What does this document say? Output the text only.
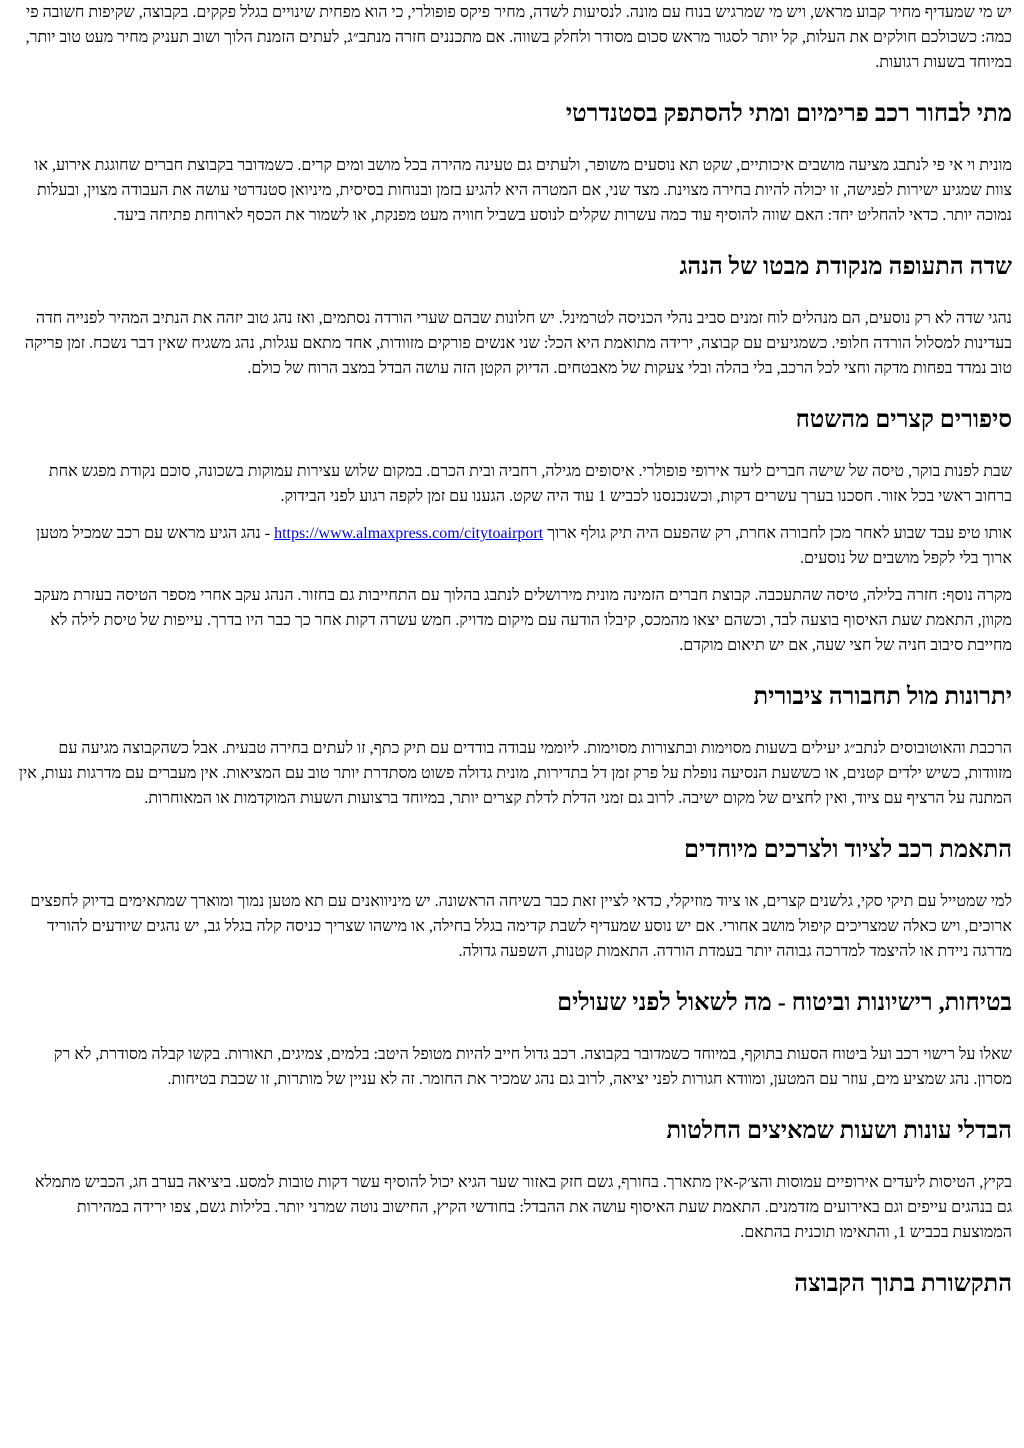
יש מי שמעדיף מחיר קבוע מראש, ויש מי שמרגיש בנוח עם מונה. לנסיעות לשדה, מחיר פיקס פופולרי, כי הוא מפחית שינויים בגלל פקקים. בקבוצה, שקיפות חשובה פי כמה: כשכולכם חולקים את העלות, קל יותר לסגור מראש סכום מסודר ולחלק בשווה. אם מתכננים חזרה מנתב״ג, לעתים הזמנת הלוך ושוב תעניק מחיר מעט טוב יותר, במיוחד בשעות רגועות.

מתי לבחור רכב פרימיום ומתי להסתפק בסטנדרטי

מונית וי אי פי לנתבג מציעה מושבים איכותיים, שקט תא נוסעים משופר, ולעתים גם טעינה מהירה בכל מושב ומים קרים. כשמדובר בקבוצת חברים שחוגגת אירוע, או צוות שמגיע ישירות לפגישה, זו יכולה להיות בחירה מצוינת. מצד שני, אם המטרה היא להגיע בזמן ובנוחות בסיסית, מיניואן סטנדרטי עושה את העבודה מצוין, ובעלות נמוכה יותר. כדאי להחליט יחד: האם שווה להוסיף עוד כמה עשרות שקלים לנוסע בשביל חוויה מעט מפנקת, או לשמור את הכסף לארוחת פתיחה ביעד.

שדה התעופה מנקודת מבטו של הנהג

נהגי שדה לא רק נוסעים, הם מנהלים לוח זמנים סביב נהלי הכניסה לטרמינל. יש חלונות שבהם שערי הורדה נסתמים, ואז נהג טוב יזהה את הנתיב המהיר לפנייה חדה בעדינות למסלול הורדה חלופי. כשמגיעים עם קבוצה, ירידה מתואמת היא הכל: שני אנשים פורקים מזוודות, אחד מתאם עגלות, נהג משגיח שאין דבר נשכח. זמן פריקה טוב נמדד בפחות מדקה וחצי לכל הרכב, בלי בהלה ובלי צעקות של מאבטחים. הדיוק הקטן הזה עושה הבדל במצב הרוח של כולם.

סיפורים קצרים מהשטח

שבת לפנות בוקר, טיסה של שישה חברים ליעד אירופי פופולרי. איסופים מגילה, רחביה ובית הכרם. במקום שלוש עצירות עמוקות בשכונה, סוכם נקודת מפגש אחת ברחוב ראשי בכל אזור. חסכנו בערך עשרים דקות, וכשנכנסנו לכביש 1 עוד היה שקט. הגענו עם זמן לקפה רגוע לפני הבידוק.

אותו טיפ עבד שבוע לאחר מכן לחבורה אחרת, רק שהפעם היה תיק גולף ארוך https://www.almaxpress.com/citytoairport - נהג הגיע מראש עם רכב שמכיל מטען ארוך בלי לקפל מושבים של נוסעים.

מקרה נוסף: חזרה בלילה, טיסה שהתעכבה. קבוצת חברים הזמינה מונית מירושלים לנתבג בהלוך עם התחייבות גם בחזור. הנהג עקב אחרי מספר הטיסה בעזרת מעקב מקוון, התאמת שעת האיסוף בוצעה לבד, וכשהם יצאו מהמכס, קיבלו הודעה עם מיקום מדויק. חמש עשרה דקות אחר כך כבר היו בדרך. עייפות של טיסת לילה לא מחייבת סיבוב חניה של חצי שעה, אם יש תיאום מוקדם.

יתרונות מול תחבורה ציבורית

הרכבת והאוטובוסים לנתב״ג יעילים בשעות מסוימות ובתצורות מסוימות. ליוממי עבודה בודדים עם תיק כתף, זו לעתים בחירה טבעית. אבל כשהקבוצה מגיעה עם מזוודות, כשיש ילדים קטנים, או כששעת הנסיעה נופלת על פרק זמן דל בתדירות, מונית גדולה פשוט מסתדרת יותר טוב עם המציאות. אין מעברים עם מדרגות נעות, אין המתנה על הרציף עם ציוד, ואין לחצים של מקום ישיבה. לרוב גם זמני הדלת לדלת קצרים יותר, במיוחד ברצועות השעות המוקדמות או המאוחרות.

התאמת רכב לציוד ולצרכים מיוחדים

למי שמטייל עם תיקי סקי, גלשנים קצרים, או ציוד מוזיקלי, כדאי לציין זאת כבר בשיחה הראשונה. יש מיניוואנים עם תא מטען נמוך ומוארך שמתאימים בדיוק לחפצים ארוכים, ויש כאלה שמצריכים קיפול מושב אחורי. אם יש נוסע שמעדיף לשבת קדימה בגלל בחילה, או מישהו שצריך כניסה קלה בגלל גב, יש נהגים שיודעים להוריד מדרגה ניידת או להיצמד למדרכה גבוהה יותר בעמדת הורדה. התאמות קטנות, השפעה גדולה.

בטיחות, רישיונות וביטוח - מה לשאול לפני שעולים

שאלו על רישוי רכב ועל ביטוח הסעות בתוקף, במיוחד כשמדובר בקבוצה. רכב גדול חייב להיות מטופל היטב: בלמים, צמיגים, תאורות. בקשו קבלה מסודרת, לא רק מסרון. נהג שמציע מים, עוזר עם המטען, ומוודא חגורות לפני יציאה, לרוב גם נהג שמכיר את החומר. זה לא עניין של מותרות, זו שכבת בטיחות.

הבדלי עונות ושעות שמאיצים החלטות

בקיץ, הטיסות ליעדים אירופיים עמוסות והצ׳ק-אין מתארך. בחורף, גשם חזק באזור שער הגיא יכול להוסיף עשר דקות טובות למסע. ביציאה בערב חג, הכביש מתמלא גם בנהגים עייפים וגם באירועים מזדמנים. התאמת שעת האיסוף עושה את ההבדל: בחודשי הקיץ, החישוב נוטה שמרני יותר. בלילות גשם, צפו ירידה במהירות הממוצעת בכביש 1, והתאימו תוכנית בהתאם.

התקשורת בתוך הקבוצה
